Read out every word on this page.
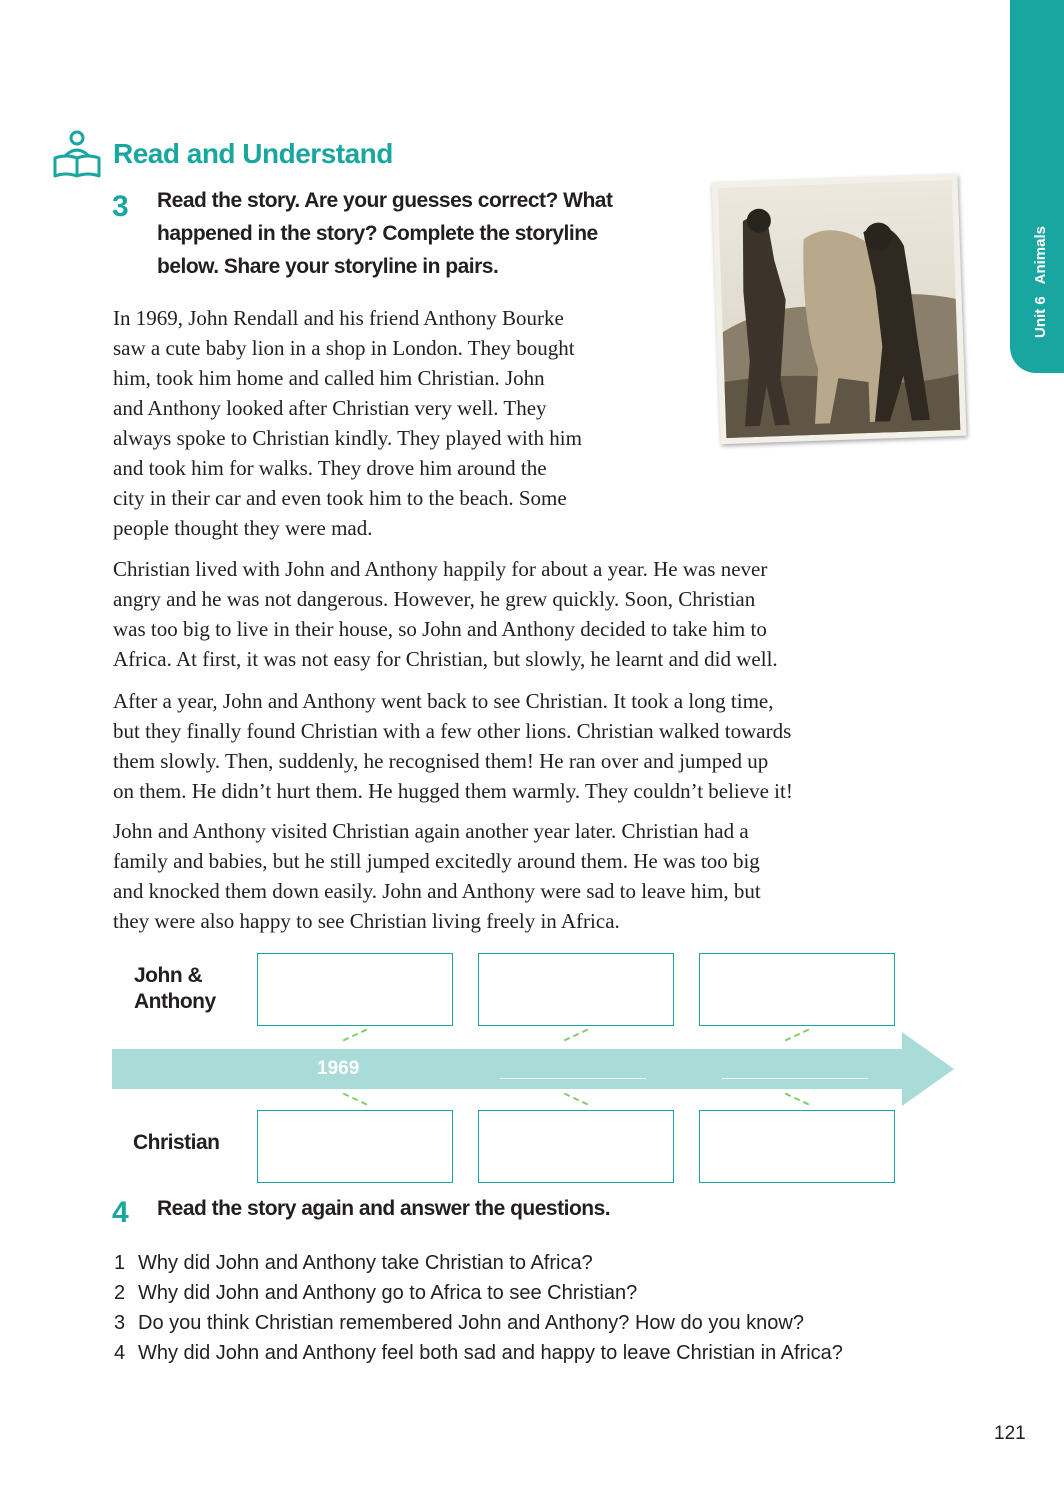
Unit 6   Animals
Read and Understand
3 Read the story. Are your guesses correct? What
happened in the story? Complete the storyline
below. Share your storyline in pairs.
In 1969, John Rendall and his friend Anthony Bourke
saw a cute baby lion in a shop in London. They bought
him, took him home and called him Christian. John
and Anthony looked after Christian very well. They
always spoke to Christian kindly. They played with him
and took him for walks. They drove him around the
city in their car and even took him to the beach. Some
people thought they were mad.
Christian lived with John and Anthony happily for about a year. He was never
angry and he was not dangerous. However, he grew quickly. Soon, Christian
was too big to live in their house, so John and Anthony decided to take him to
Africa. At first, it was not easy for Christian, but slowly, he learnt and did well.
After a year, John and Anthony went back to see Christian. It took a long time,
but they finally found Christian with a few other lions. Christian walked towards
them slowly. Then, suddenly, he recognised them! He ran over and jumped up
on them. He didn’t hurt them. He hugged them warmly. They couldn’t believe it!
John and Anthony visited Christian again another year later. Christian had a
family and babies, but he still jumped excitedly around them. He was too big
and knocked them down easily. John and Anthony were sad to leave him, but
they were also happy to see Christian living freely in Africa.
John &
Anthony
1969
Christian
4 Read the story again and answer the questions.
1 Why did John and Anthony take Christian to Africa?
2 Why did John and Anthony go to Africa to see Christian?
3 Do you think Christian remembered John and Anthony? How do you know?
4 Why did John and Anthony feel both sad and happy to leave Christian in Africa?
121
